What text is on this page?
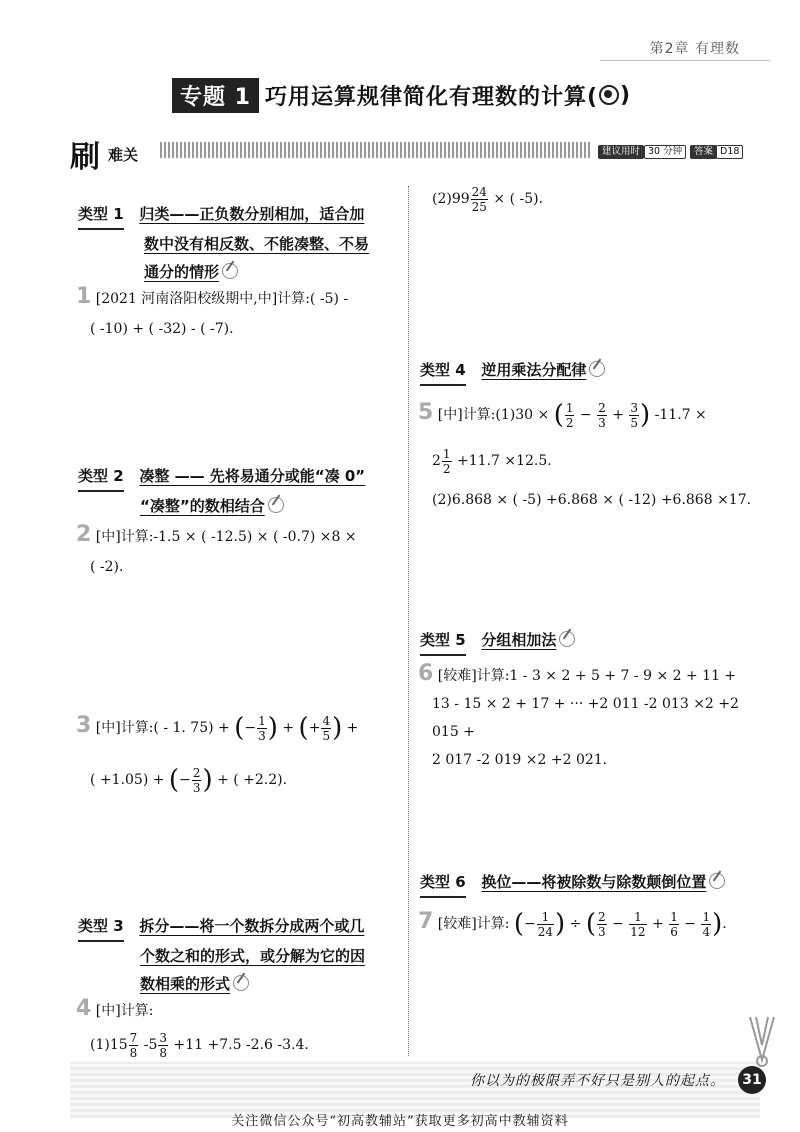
第2章 有理数
专题 1 巧用运算规律简化有理数的计算( )
刷 难关	建议用时 30 分钟	答案 D18
类型 1 归类——正负数分别相加，适合加
数中没有相反数、不能凑整、不易
通分的情形
1 [2021 河南洛阳校级期中,中]计算:( -5) -
( -10) + ( -32) - ( -7).
类型 2 凑整 —— 先将易通分或能“凑 0”
“凑整”的数相结合
2 [中]计算:-1.5 × ( -12.5) × ( -0.7) ×8 ×
( -2).
3 [中]计算:( - 1. 75) + (− $\frac{1}{3}$ ) + (+ $\frac{4}{5}$ ) +
( +1.05) + (− $\frac{2}{3}$ ) + ( +2.2).
类型 3 拆分——将一个数拆分成两个或几
个数之和的形式，或分解为它的因
数相乘的形式
4 [中]计算:
$(1)15 \frac{7}{8} -5 \frac{3}{8} +11 +7.5$ -2.6 -3.4.
$(2)99 \frac{24}{25}$ × ( -5).
类型 4 逆用乘法分配律
5 [中]计算:(1)30 × ( $\frac{1}{2} - \frac{2}{3} + \frac{3}{5}$ ) -11.7 ×
$2 \frac{1}{2} +11.7 \times 12.5$.
(2)6.868 × ( -5) +6.868 × ( -12) +6.868 ×17.
类型 5 分组相加法
6 [较难]计算:1 - 3 × 2 + 5 + 7 - 9 × 2 + 11 +
13 - 15 × 2 + 17 + ··· +2 011 -2 013 ×2 +2 015 +
2 017 -2 019 ×2 +2 021.
类型 6 换位——将被除数与除数颠倒位置
7 [较难]计算: (− $\frac{1}{24}$ ) ÷ ( $\frac{2}{3} - \frac{1}{12} + \frac{1}{6} - \frac{1}{4}$ ).
你以为的极限弄不好只是别人的起点。	31
关注微信公众号“初高教辅站”获取更多初高中教辅资料
